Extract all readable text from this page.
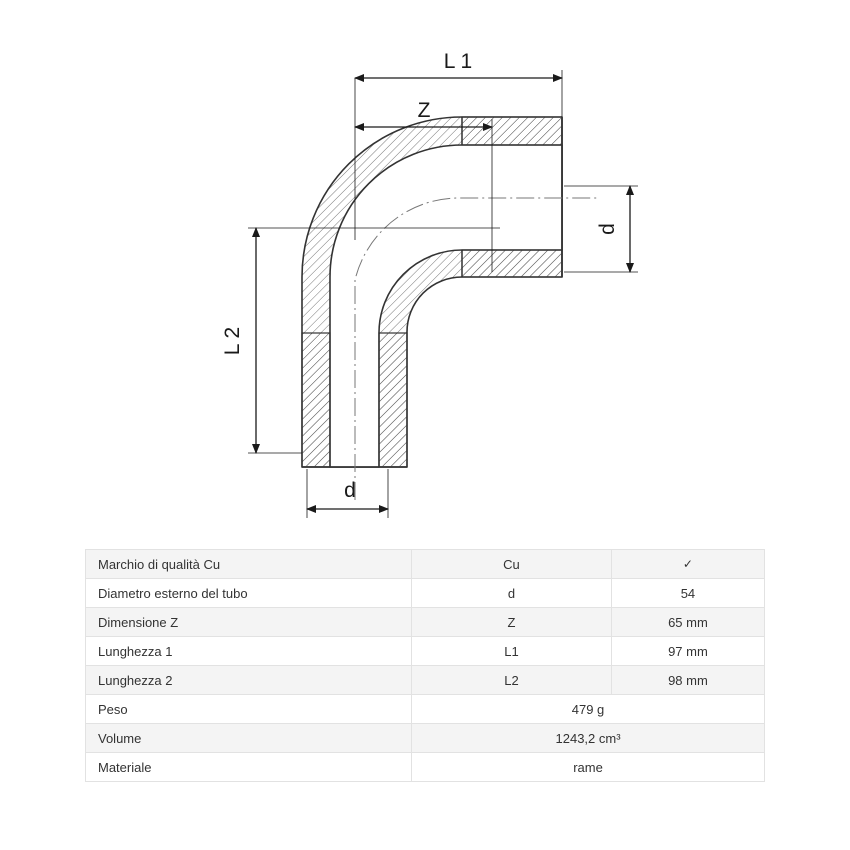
L 1
Z
d
L 2
d
Marchio di qualità Cu	Cu	✓
Diametro esterno del tubo	d	54
Dimensione Z	Z	65 mm
Lunghezza 1	L1	97 mm
Lunghezza 2	L2	98 mm
Peso	479 g	
Volume	1243,2 cm³	
Materiale	rame	
